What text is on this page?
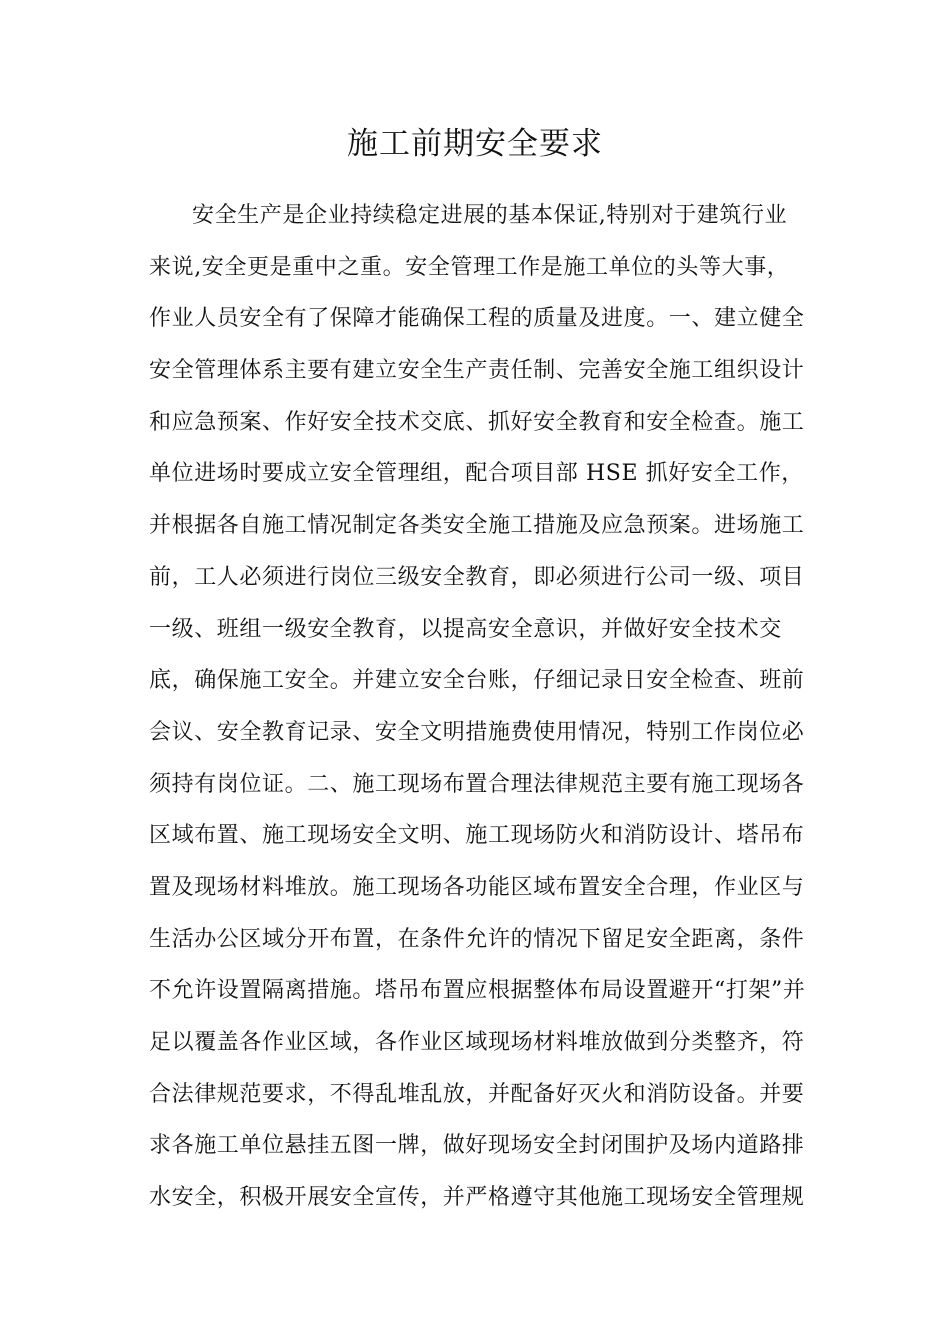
施工前期安全要求
安全生产是企业持续稳定进展的基本保证,特别对于建筑行业
来说,安全更是重中之重。安全管理工作是施工单位的头等大事，
作业人员安全有了保障才能确保工程的质量及进度。一、建立健全
安全管理体系主要有建立安全生产责任制、完善安全施工组织设计
和应急预案、作好安全技术交底、抓好安全教育和安全检查。施工
单位进场时要成立安全管理组，配合项目部 HSE 抓好安全工作，
并根据各自施工情况制定各类安全施工措施及应急预案。进场施工
前，工人必须进行岗位三级安全教育，即必须进行公司一级、项目
一级、班组一级安全教育，以提高安全意识，并做好安全技术交
底，确保施工安全。并建立安全台账，仔细记录日安全检查、班前
会议、安全教育记录、安全文明措施费使用情况，特别工作岗位必
须持有岗位证。二、施工现场布置合理法律规范主要有施工现场各
区域布置、施工现场安全文明、施工现场防火和消防设计、塔吊布
置及现场材料堆放。施工现场各功能区域布置安全合理，作业区与
生活办公区域分开布置，在条件允许的情况下留足安全距离，条件
不允许设置隔离措施。塔吊布置应根据整体布局设置避开“打架”并
足以覆盖各作业区域，各作业区域现场材料堆放做到分类整齐，符
合法律规范要求，不得乱堆乱放，并配备好灭火和消防设备。并要
求各施工单位悬挂五图一牌，做好现场安全封闭围护及场内道路排
水安全，积极开展安全宣传，并严格遵守其他施工现场安全管理规
